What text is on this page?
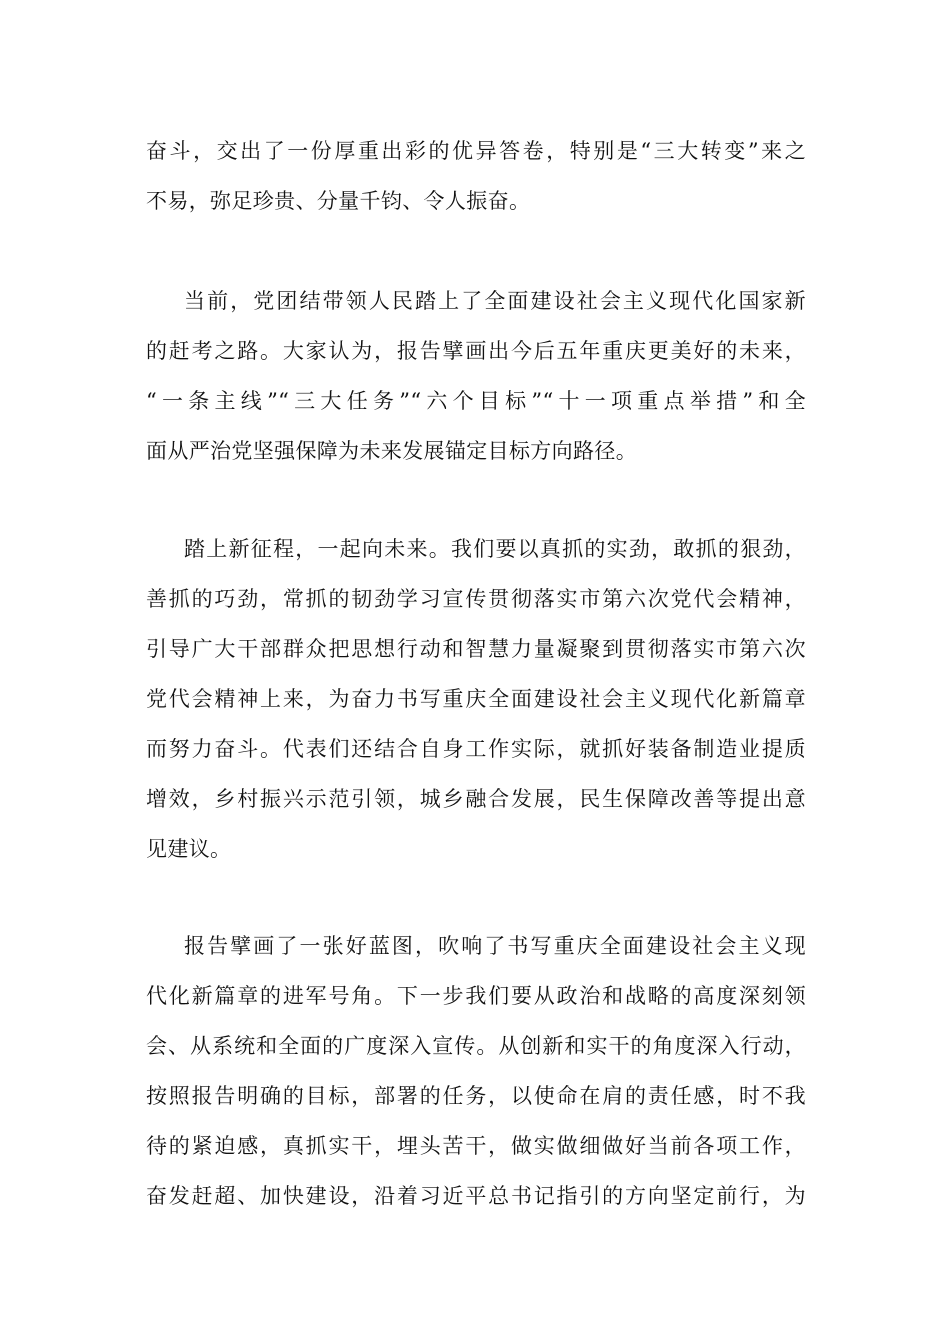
奋斗，交出了一份厚重出彩的优异答卷，特别是“三大转变”来之
不易，弥足珍贵、分量千钧、令人振奋。
当前，党团结带领人民踏上了全面建设社会主义现代化国家新
的赶考之路。大家认为，报告擘画出今后五年重庆更美好的未来，
“一条主线”“三大任务”“六个目标”“十一项重点举措”和全
面从严治党坚强保障为未来发展锚定目标方向路径。
踏上新征程，一起向未来。我们要以真抓的实劲，敢抓的狠劲，
善抓的巧劲，常抓的韧劲学习宣传贯彻落实市第六次党代会精神，
引导广大干部群众把思想行动和智慧力量凝聚到贯彻落实市第六次
党代会精神上来，为奋力书写重庆全面建设社会主义现代化新篇章
而努力奋斗。代表们还结合自身工作实际，就抓好装备制造业提质
增效，乡村振兴示范引领，城乡融合发展，民生保障改善等提出意
见建议。
报告擘画了一张好蓝图，吹响了书写重庆全面建设社会主义现
代化新篇章的进军号角。下一步我们要从政治和战略的高度深刻领
会、从系统和全面的广度深入宣传。从创新和实干的角度深入行动，
按照报告明确的目标，部署的任务，以使命在肩的责任感，时不我
待的紧迫感，真抓实干，埋头苦干，做实做细做好当前各项工作，
奋发赶超、加快建设，沿着习近平总书记指引的方向坚定前行，为
